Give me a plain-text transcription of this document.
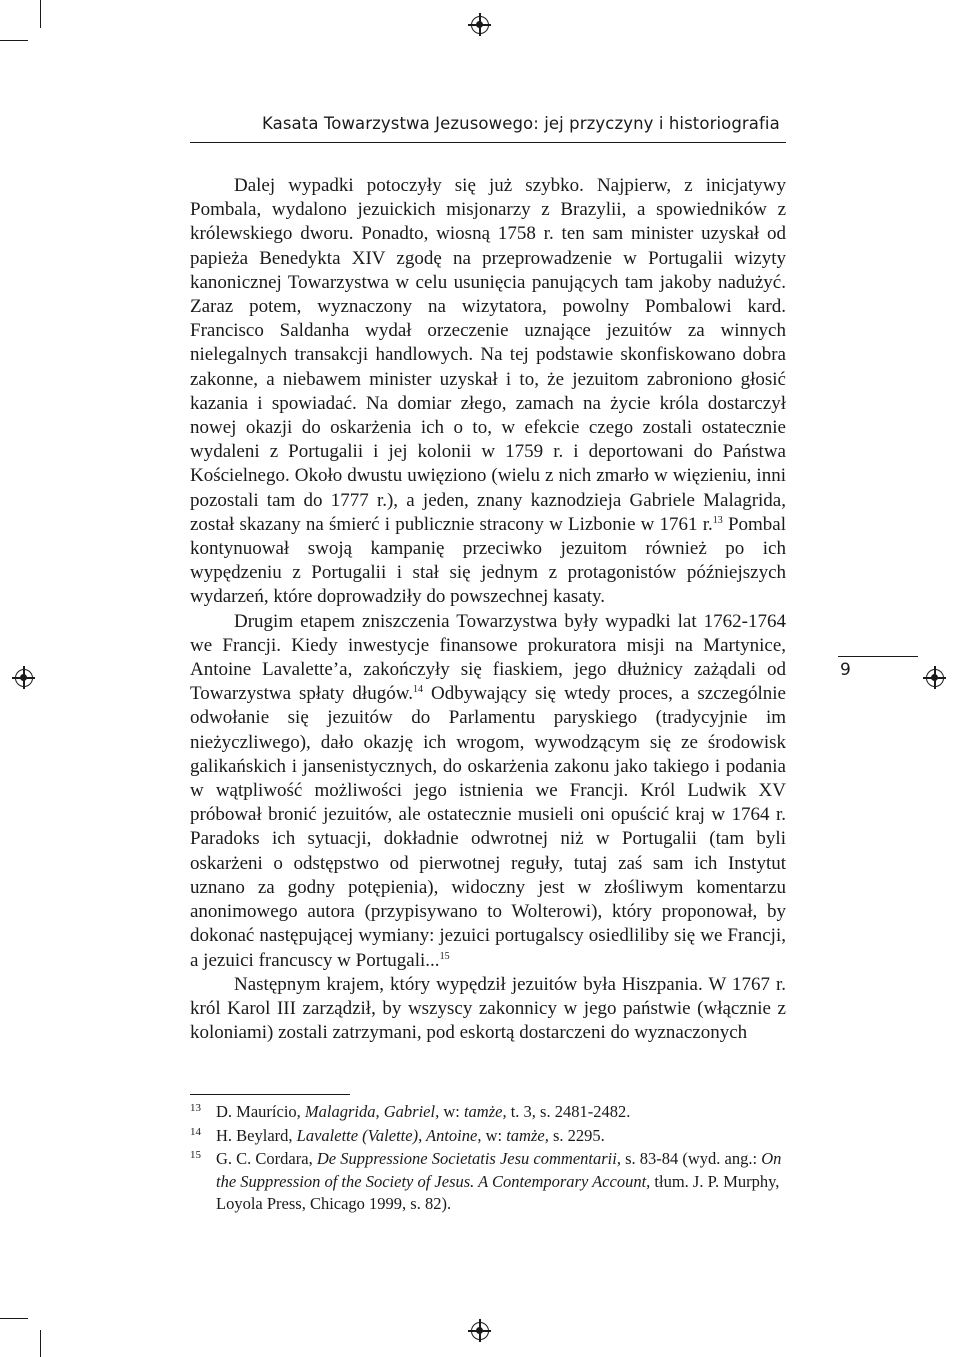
Kasata Towarzystwa Jezusowego: jej przyczyny i historiografia
9

Dalej wypadki potoczyły się już szybko. Najpierw, z inicjatywy Pombala, wydalono jezuickich misjonarzy z Brazylii, a spowiedników z królewskiego dworu. Ponadto, wiosną 1758 r. ten sam minister uzyskał od papieża Benedykta XIV zgodę na przeprowadzenie w Portugalii wizyty kanonicznej Towarzystwa w celu usunięcia panujących tam jakoby nadużyć. Zaraz potem, wyznaczony na wizytatora, powolny Pombalowi kard. Francisco Saldanha wydał orzeczenie uznające jezuitów za winnych nielegalnych transakcji handlowych. Na tej podstawie skonfiskowano dobra zakonne, a niebawem minister uzyskał i to, że jezuitom zabroniono głosić kazania i spowiadać. Na domiar złego, zamach na życie króla dostarczył nowej okazji do oskarżenia ich o to, w efekcie czego zostali ostatecznie wydaleni z Portugalii i jej kolonii w 1759 r. i deportowani do Państwa Kościelnego. Około dwustu uwięziono (wielu z nich zmarło w więzieniu, inni pozostali tam do 1777 r.), a jeden, znany kaznodzieja Gabriele Malagrida, został skazany na śmierć i publicznie stracony w Lizbonie w 1761 r.$^{13}$ Pombal kontynuował swoją kampanię przeciwko jezuitom również po ich wypędzeniu z Portugalii i stał się jednym z protagonistów późniejszych wydarzeń, które doprowadziły do powszechnej kasaty.

Drugim etapem zniszczenia Towarzystwa były wypadki lat 1762-1764 we Francji. Kiedy inwestycje finansowe prokuratora misji na Martynice, Antoine Lavalette’a, zakończyły się fiaskiem, jego dłużnicy zażądali od Towarzystwa spłaty długów.$^{14}$ Odbywający się wtedy proces, a szczególnie odwołanie się jezuitów do Parlamentu paryskiego (tradycyjnie im nieżyczliwego), dało okazję ich wrogom, wywodzącym się ze środowisk galikańskich i jansenistycznych, do oskarżenia zakonu jako takiego i podania w wątpliwość możliwości jego istnienia we Francji. Król Ludwik XV próbował bronić jezuitów, ale ostatecznie musieli oni opuścić kraj w 1764 r. Paradoks ich sytuacji, dokładnie odwrotnej niż w Portugalii (tam byli oskarżeni o odstępstwo od pierwotnej reguły, tutaj zaś sam ich Instytut uznano za godny potępienia), widoczny jest w złośliwym komentarzu anonimowego autora (przypisywano to Wolterowi), który proponował, by dokonać następującej wymiany: jezuici portugalscy osiedliliby się we Francji, a jezuici francuscy w Portugali...$^{15}$

Następnym krajem, który wypędził jezuitów była Hiszpania. W 1767 r. król Karol III zarządził, by wszyscy zakonnicy w jego państwie (włącznie z koloniami) zostali zatrzymani, pod eskortą dostarczeni do wyznaczonych

13 D. Maurício, Malagrida, Gabriel, w: tamże, t. 3, s. 2481-2482.
14 H. Beylard, Lavalette (Valette), Antoine, w: tamże, s. 2295.
15 G. C. Cordara, De Suppressione Societatis Jesu commentarii, s. 83-84 (wyd. ang.: On the Suppression of the Society of Jesus. A Contemporary Account, tłum. J. P. Murphy, Loyola Press, Chicago 1999, s. 82).
